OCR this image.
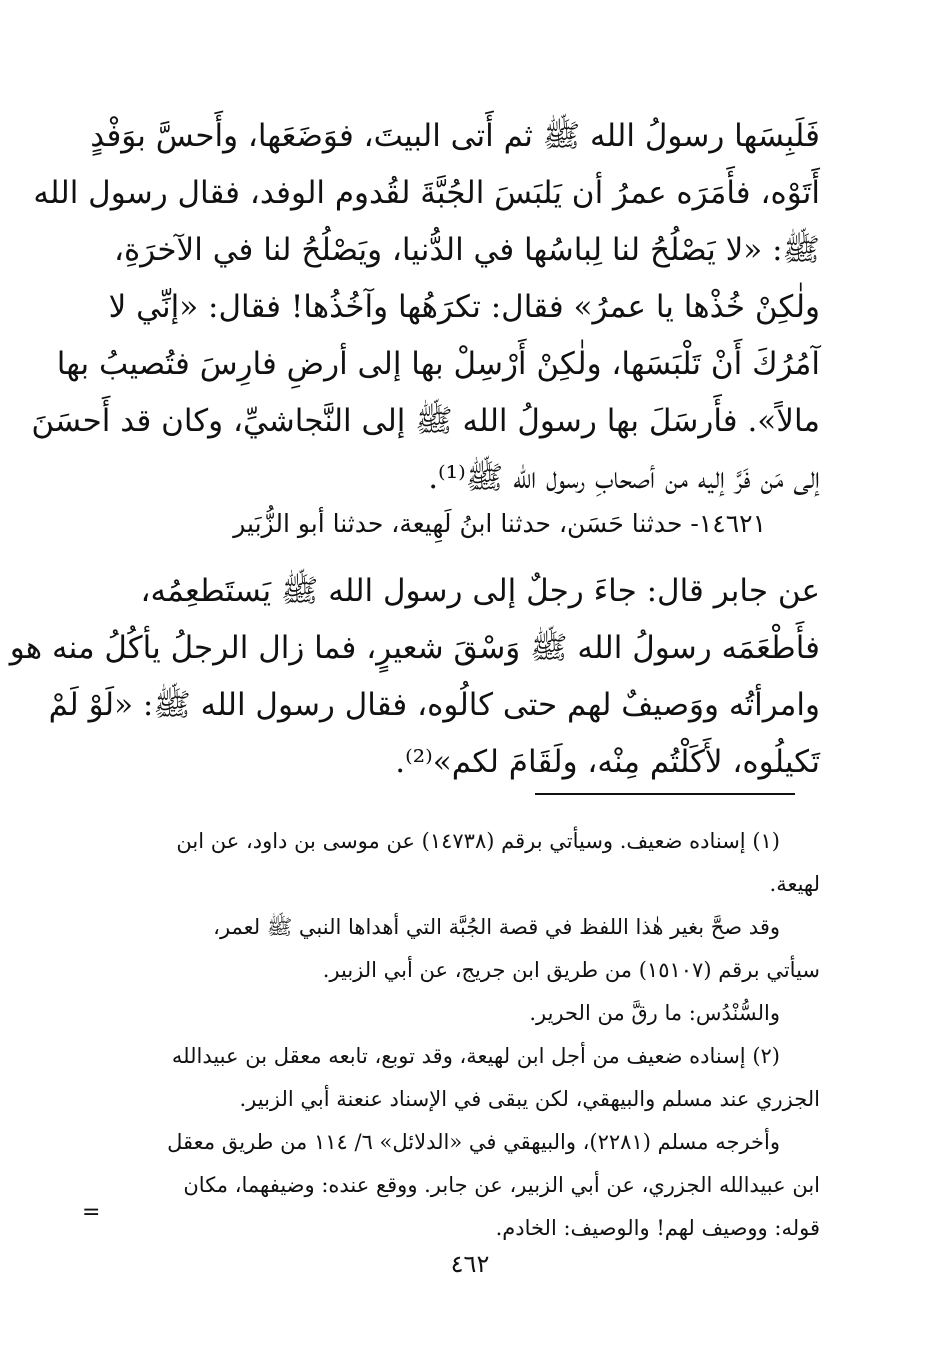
فَلَبِسَها رسولُ الله ﷺ ثم أَتى البيتَ، فوَضَعَها، وأَحسَّ بوَفْدٍ
أَتَوْه، فأَمَرَه عمرُ أن يَلبَسَ الجُبَّةَ لقُدوم الوفد، فقال رسول الله
ﷺ: «لا يَصْلُحُ لنا لِباسُها في الدُّنيا، ويَصْلُحُ لنا في الآخرَةِ،
ولٰكِنْ خُذْها يا عمرُ» فقال: تكرَهُها وآخُذُها! فقال: «إنِّي لا
آمُرُكَ أَنْ تَلْبَسَها، ولٰكِنْ أَرْسِلْ بها إلى أرضِ فارِسَ فتُصيبُ بها
مالاً». فأَرسَلَ بها رسولُ الله ﷺ إلى النَّجاشيِّ، وكان قد أَحسَنَ
إلى مَن فَرَّ إليه من أصحابِ رسول الله ﷺ⁽¹⁾.
١٤٦٢١- حدثنا حَسَن، حدثنا ابنُ لَهِيعة، حدثنا أبو الزُّبَير
عن جابر قال: جاءَ رجلٌ إلى رسول الله ﷺ يَستَطعِمُه،
فأَطْعَمَه رسولُ الله ﷺ وَسْقَ شعيرٍ، فما زال الرجلُ يأكُلُ منه هو
وامرأتُه ووَصيفٌ لهم حتى كالُوه، فقال رسول الله ﷺ: «لَوْ لَمْ
تَكيلُوه، لأَكَلْتُم مِنْه، ولَقَامَ لكم»⁽²⁾.
(١) إسناده ضعيف. وسيأتي برقم (١٤٧٣٨) عن موسى بن داود، عن ابن
لهيعة.
وقد صحَّ بغير هٰذا اللفظ في قصة الجُبَّة التي أهداها النبي ﷺ لعمر،
سيأتي برقم (١٥١٠٧) من طريق ابن جريج، عن أبي الزبير.
والسُّنْدُس: ما رقَّ من الحرير.
(٢) إسناده ضعيف من أجل ابن لهيعة، وقد توبع، تابعه معقل بن عبيدالله
الجزري عند مسلم والبيهقي، لكن يبقى في الإسناد عنعنة أبي الزبير.
وأخرجه مسلم (٢٢٨١)، والبيهقي في «الدلائل» ٦/ ١١٤ من طريق معقل
ابن عبيدالله الجزري، عن أبي الزبير، عن جابر. ووقع عنده: وضيفهما، مكان
قوله: ووصيف لهم! والوصيف: الخادم.
=
٤٦٢
